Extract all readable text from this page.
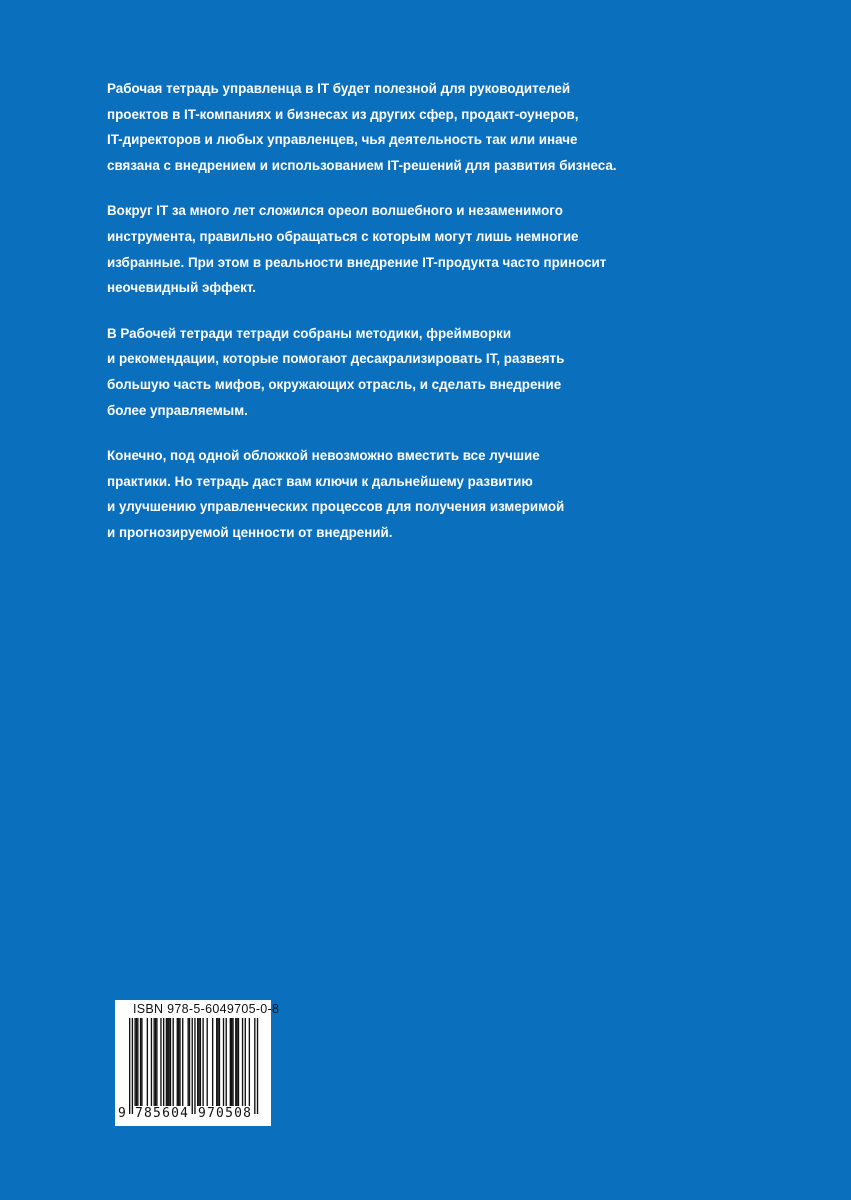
Рабочая тетрадь управленца в IT будет полезной для руководителей
проектов в IT-компаниях и бизнесах из других сфер, продакт-оунеров,
IT-директоров и любых управленцев, чья деятельность так или иначе
связана с внедрением и использованием IT-решений для развития бизнеса.

Вокруг IT за много лет сложился ореол волшебного и незаменимого
инструмента, правильно обращаться с которым могут лишь немногие
избранные. При этом в реальности внедрение IT-продукта часто приносит
неочевидный эффект.

В Рабочей тетради тетради собраны методики, фреймворки
и рекомендации, которые помогают десакрализировать IT, развеять
большую часть мифов, окружающих отрасль, и сделать внедрение
более управляемым.

Конечно, под одной обложкой невозможно вместить все лучшие
практики. Но тетрадь даст вам ключи к дальнейшему развитию
и улучшению управленческих процессов для получения измеримой
и прогнозируемой ценности от внедрений.

ISBN 978-5-6049705-0-8
9 785604 970508
